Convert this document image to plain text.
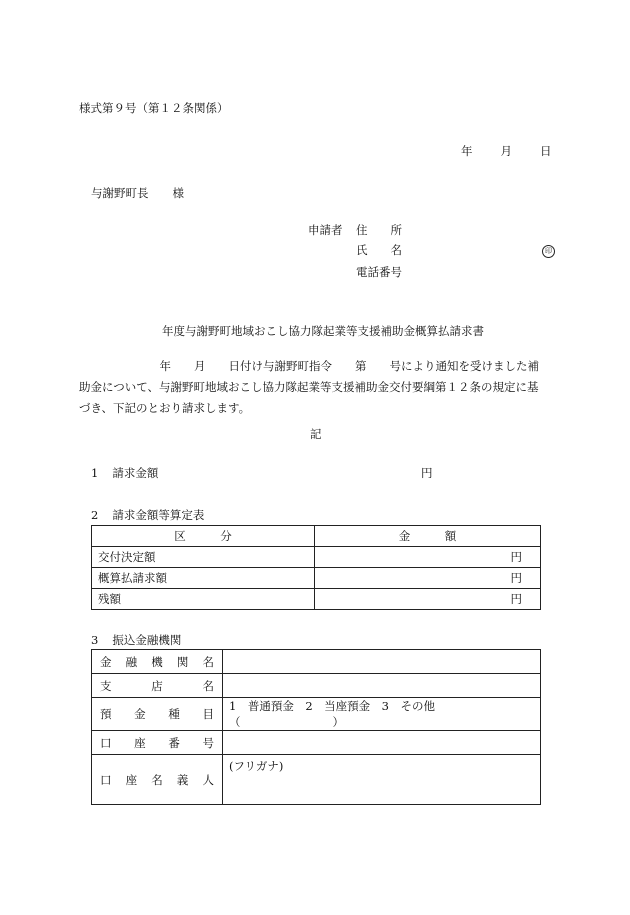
様式第９号（第１２条関係）
年 月 日
与謝野町長 様
申請者 住　　所
氏　　名	印
電話番号
年度与謝野町地域おこし協力隊起業等支援補助金概算払請求書
　　　　　　　年　　月　　日付け与謝野町指令　　第　　号により通知を受けました補助金について、与謝野町地域おこし協力隊起業等支援補助金交付要綱第１２条の規定に基づき、下記のとおり請求します。
記
1 請求金額	円
2 請求金額等算定表
区　　　分	金　　　額
交付決定額	円
概算払請求額	円
残額	円
3 振込金融機関
金融機関名	
支店名	
預金種目	1　普通預金　2　当座預金　3　その他（　　　　　　　　）
口座番号	
口座名義人	(フリガナ)
